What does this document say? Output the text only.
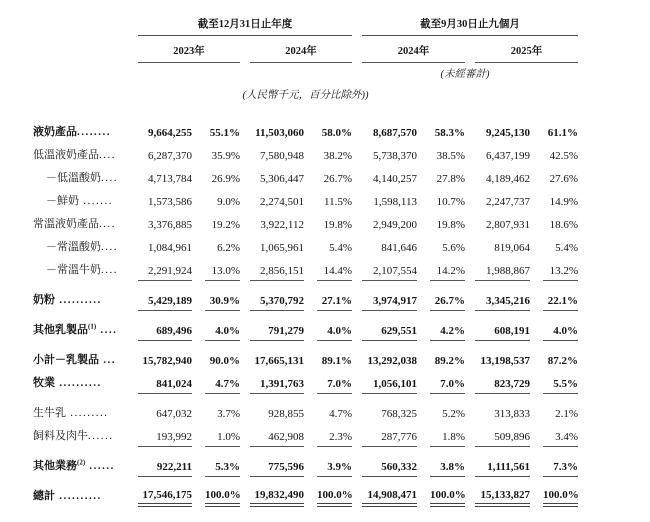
	截至12月31日止年度				截至9月30日止九個月			

	2023年		2024年		2024年		2025年	

					(未經審計)			

(人民幣千元，百分比除外))								

液奶產品........	9,664,255	55.1%	11,503,060	58.0%	8,687,570	58.3%	9,245,130	61.1%

低溫液奶產品....	6,287,370	35.9%	7,580,948	38.2%	5,738,370	38.5%	6,437,199	42.5%

－低溫酸奶....	4,713,784	26.9%	5,306,447	26.7%	4,140,257	27.8%	4,189,462	27.6%

－鮮奶 .......	1,573,586	9.0%	2,274,501	11.5%	1,598,113	10.7%	2,247,737	14.9%

常溫液奶產品....	3,376,885	19.2%	3,922,112	19.8%	2,949,200	19.8%	2,807,931	18.6%

－常溫酸奶....	1,084,961	6.2%	1,065,961	5.4%	841,646	5.6%	819,064	5.4%

－常溫牛奶....	2,291,924	13.0%	2,856,151	14.4%	2,107,554	14.2%	1,988,867	13.2%

奶粉 ..........	5,429,189	30.9%	5,370,792	27.1%	3,974,917	26.7%	3,345,216	22.1%

其他乳製品$^{(1)}$ ....	689,496	4.0%	791,279	4.0%	629,551	4.2%	608,191	4.0%

小計－乳製品 ...	15,782,940	90.0%	17,665,131	89.1%	13,292,038	89.2%	13,198,537	87.2%

牧業 ..........	841,024	4.7%	1,391,763	7.0%	1,056,101	7.0%	823,729	5.5%

生牛乳 .........	647,032	3.7%	928,855	4.7%	768,325	5.2%	313,833	2.1%

飼料及肉牛......	193,992	1.0%	462,908	2.3%	287,776	1.8%	509,896	3.4%

其他業務$^{(2)}$ ......	922,211	5.3%	775,596	3.9%	560,332	3.8%	1,111,561	7.3%

總計 ..........	17,546,175	100.0%	19,832,490	100.0%	14,908,471	100.0%	15,133,827	100.0%
